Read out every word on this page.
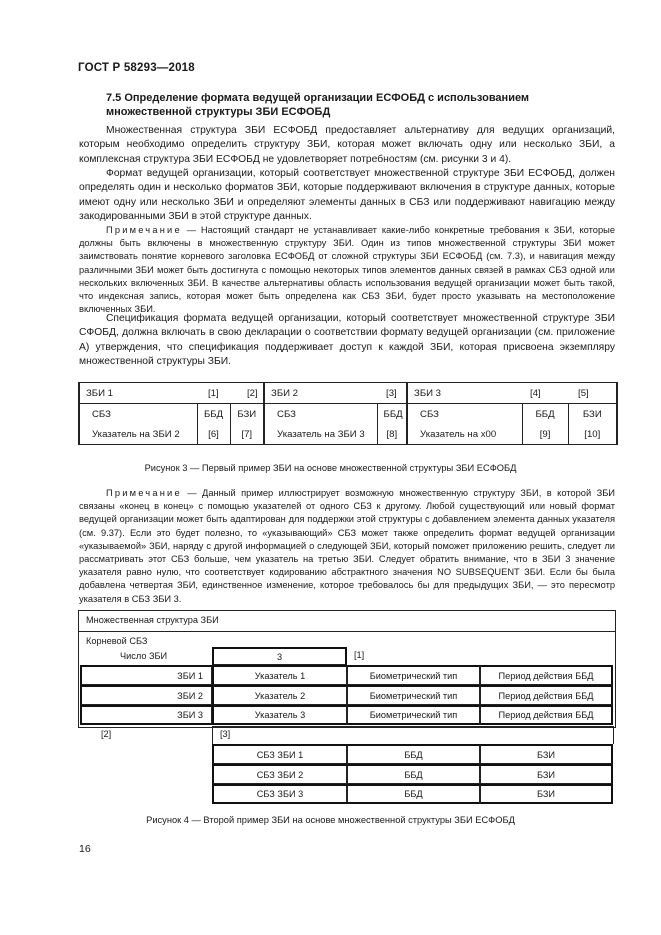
ГОСТ Р 58293—2018
7.5 Определение формата ведущей организации ЕСФОБД с использованием
множественной структуры ЗБИ ЕСФОБД
Множественная структура ЗБИ ЕСФОБД предоставляет альтернативу для ведущих организаций, которым необходимо определить структуру ЗБИ, которая может включать одну или несколько ЗБИ, а комплексная структура ЗБИ ЕСФОБД не удовлетворяет потребностям (см. рисунки 3 и 4).
Формат ведущей организации, который соответствует множественной структуре ЗБИ ЕСФОБД, должен определять один и несколько форматов ЗБИ, которые поддерживают включения в структуре данных, которые имеют одну или несколько ЗБИ и определяют элементы данных в СБЗ или поддерживают навигацию между закодированными ЗБИ в этой структуре данных.
Примечание — Настоящий стандарт не устанавливает какие-либо конкретные требования к ЗБИ, которые должны быть включены в множественную структуру ЗБИ. Один из типов множественной структуры ЗБИ может заимствовать понятие корневого заголовка ЕСФОБД от сложной структуры ЗБИ ЕСФОБД (см. 7.3), и навигация между различными ЗБИ может быть достигнута с помощью некоторых типов элементов данных связей в рамках СБЗ одной или нескольких включенных ЗБИ. В качестве альтернативы область использования ведущей организации может быть такой, что индексная запись, которая может быть определена как СБЗ ЗБИ, будет просто указывать на местоположение включенных ЗБИ.
Спецификация формата ведущей организации, который соответствует множественной структуре ЗБИ СФОБД, должна включать в свою декларации о соответствии формату ведущей организации (см. приложение А) утверждения, что спецификация поддерживает доступ к каждой ЗБИ, которая присвоена экземпляру множественной структуры ЗБИ.
ЗБИ 1 [1] [2]			ЗБИ 2 [3]		ЗБИ 3 [4] [5]		

СБЗ	ББД	БЗИ	СБЗ	ББД	СБЗ	ББД	БЗИ
Указатель на ЗБИ 2	[6]	[7]	Указатель на ЗБИ 3	[8]	Указатель на х00	[9]	[10]
Рисунок 3 — Первый пример ЗБИ на основе множественной структуры ЗБИ ЕСФОБД
Примечание — Данный пример иллюстрирует возможную множественную структуру ЗБИ, в которой ЗБИ связаны «конец в конец» с помощью указателей от одного СБЗ к другому. Любой существующий или новый формат ведущей организации может быть адаптирован для поддержки этой структуры с добавлением элемента данных указателя (см. 9.37). Если это будет полезно, то «указывающий» СБЗ может также определить формат ведущей организации «указываемой» ЗБИ, наряду с другой информацией о следующей ЗБИ, который поможет приложению решить, следует ли рассматривать этот СБЗ больше, чем указатель на третью ЗБИ. Следует обратить внимание, что в ЗБИ 3 значение указателя равно нулю, что соответствует кодированию абстрактного значения NO SUBSEQUENT ЗБИ. Если бы была добавлена четвертая ЗБИ, единственное изменение, которое требовалось бы для предыдущих ЗБИ, — это пересмотр указателя в СБЗ ЗБИ 3.
Множественная структура ЗБИ
Корневой СБЗ
Число ЗБИ	3	[1]
ЗБИ 1	Указатель 1	Биометрический тип	Период действия ББД
ЗБИ 2	Указатель 2	Биометрический тип	Период действия ББД
ЗБИ 3	Указатель 3	Биометрический тип	Период действия ББД
[2]	[3]
СБЗ ЗБИ 1	ББД	БЗИ
СБЗ ЗБИ 2	ББД	БЗИ
СБЗ ЗБИ 3	ББД	БЗИ
Рисунок 4 — Второй пример ЗБИ на основе множественной структуры ЗБИ ЕСФОБД
16
